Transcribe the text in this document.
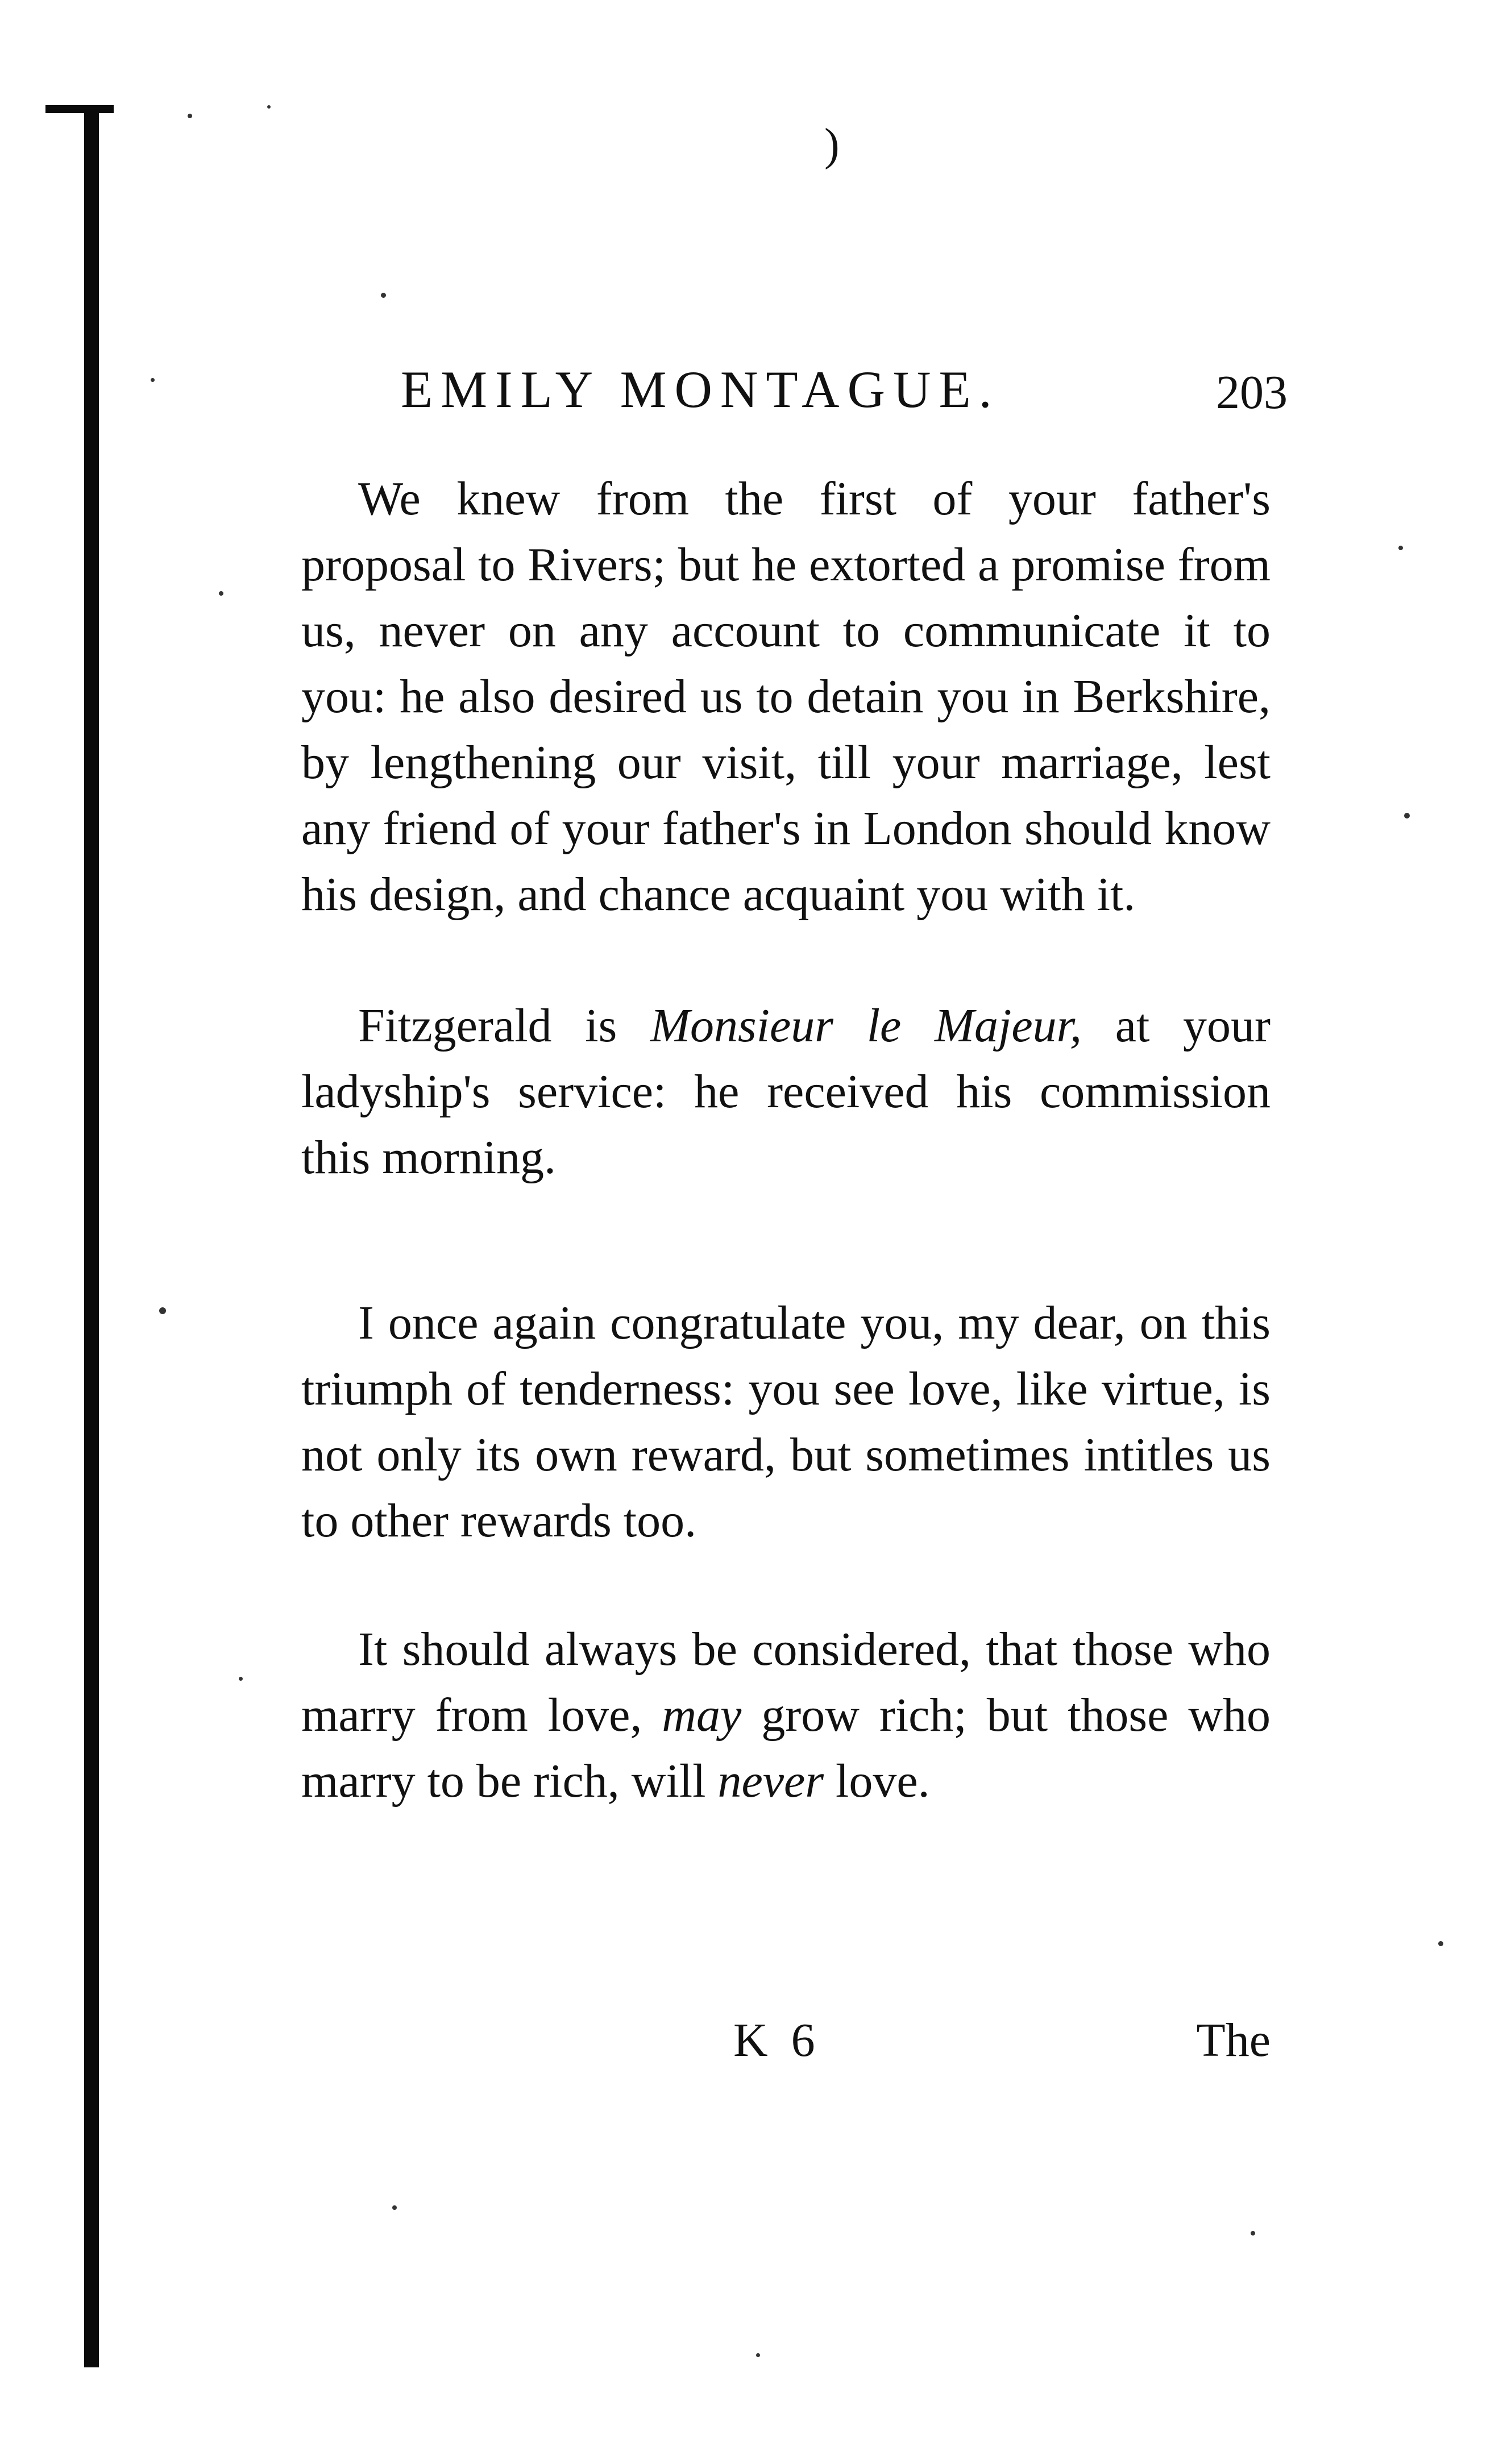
)
EMILY MONTAGUE.	203

We knew from the first of your father's proposal to Rivers; but he extorted a promise from us, never on any account to communicate it to you: he also desired us to detain you in Berkshire, by lengthening our visit, till your marriage, lest any friend of your father's in London should know his design, and chance acquaint you with it.

Fitzgerald is Monsieur le Majeur, at your ladyship's service: he received his commission this morning.

I once again congratulate you, my dear, on this triumph of tenderness: you see love, like virtue, is not only its own reward, but sometimes intitles us to other rewards too.

It should always be considered, that those who marry from love, may grow rich; but those who marry to be rich, will never love.

K 6	The
